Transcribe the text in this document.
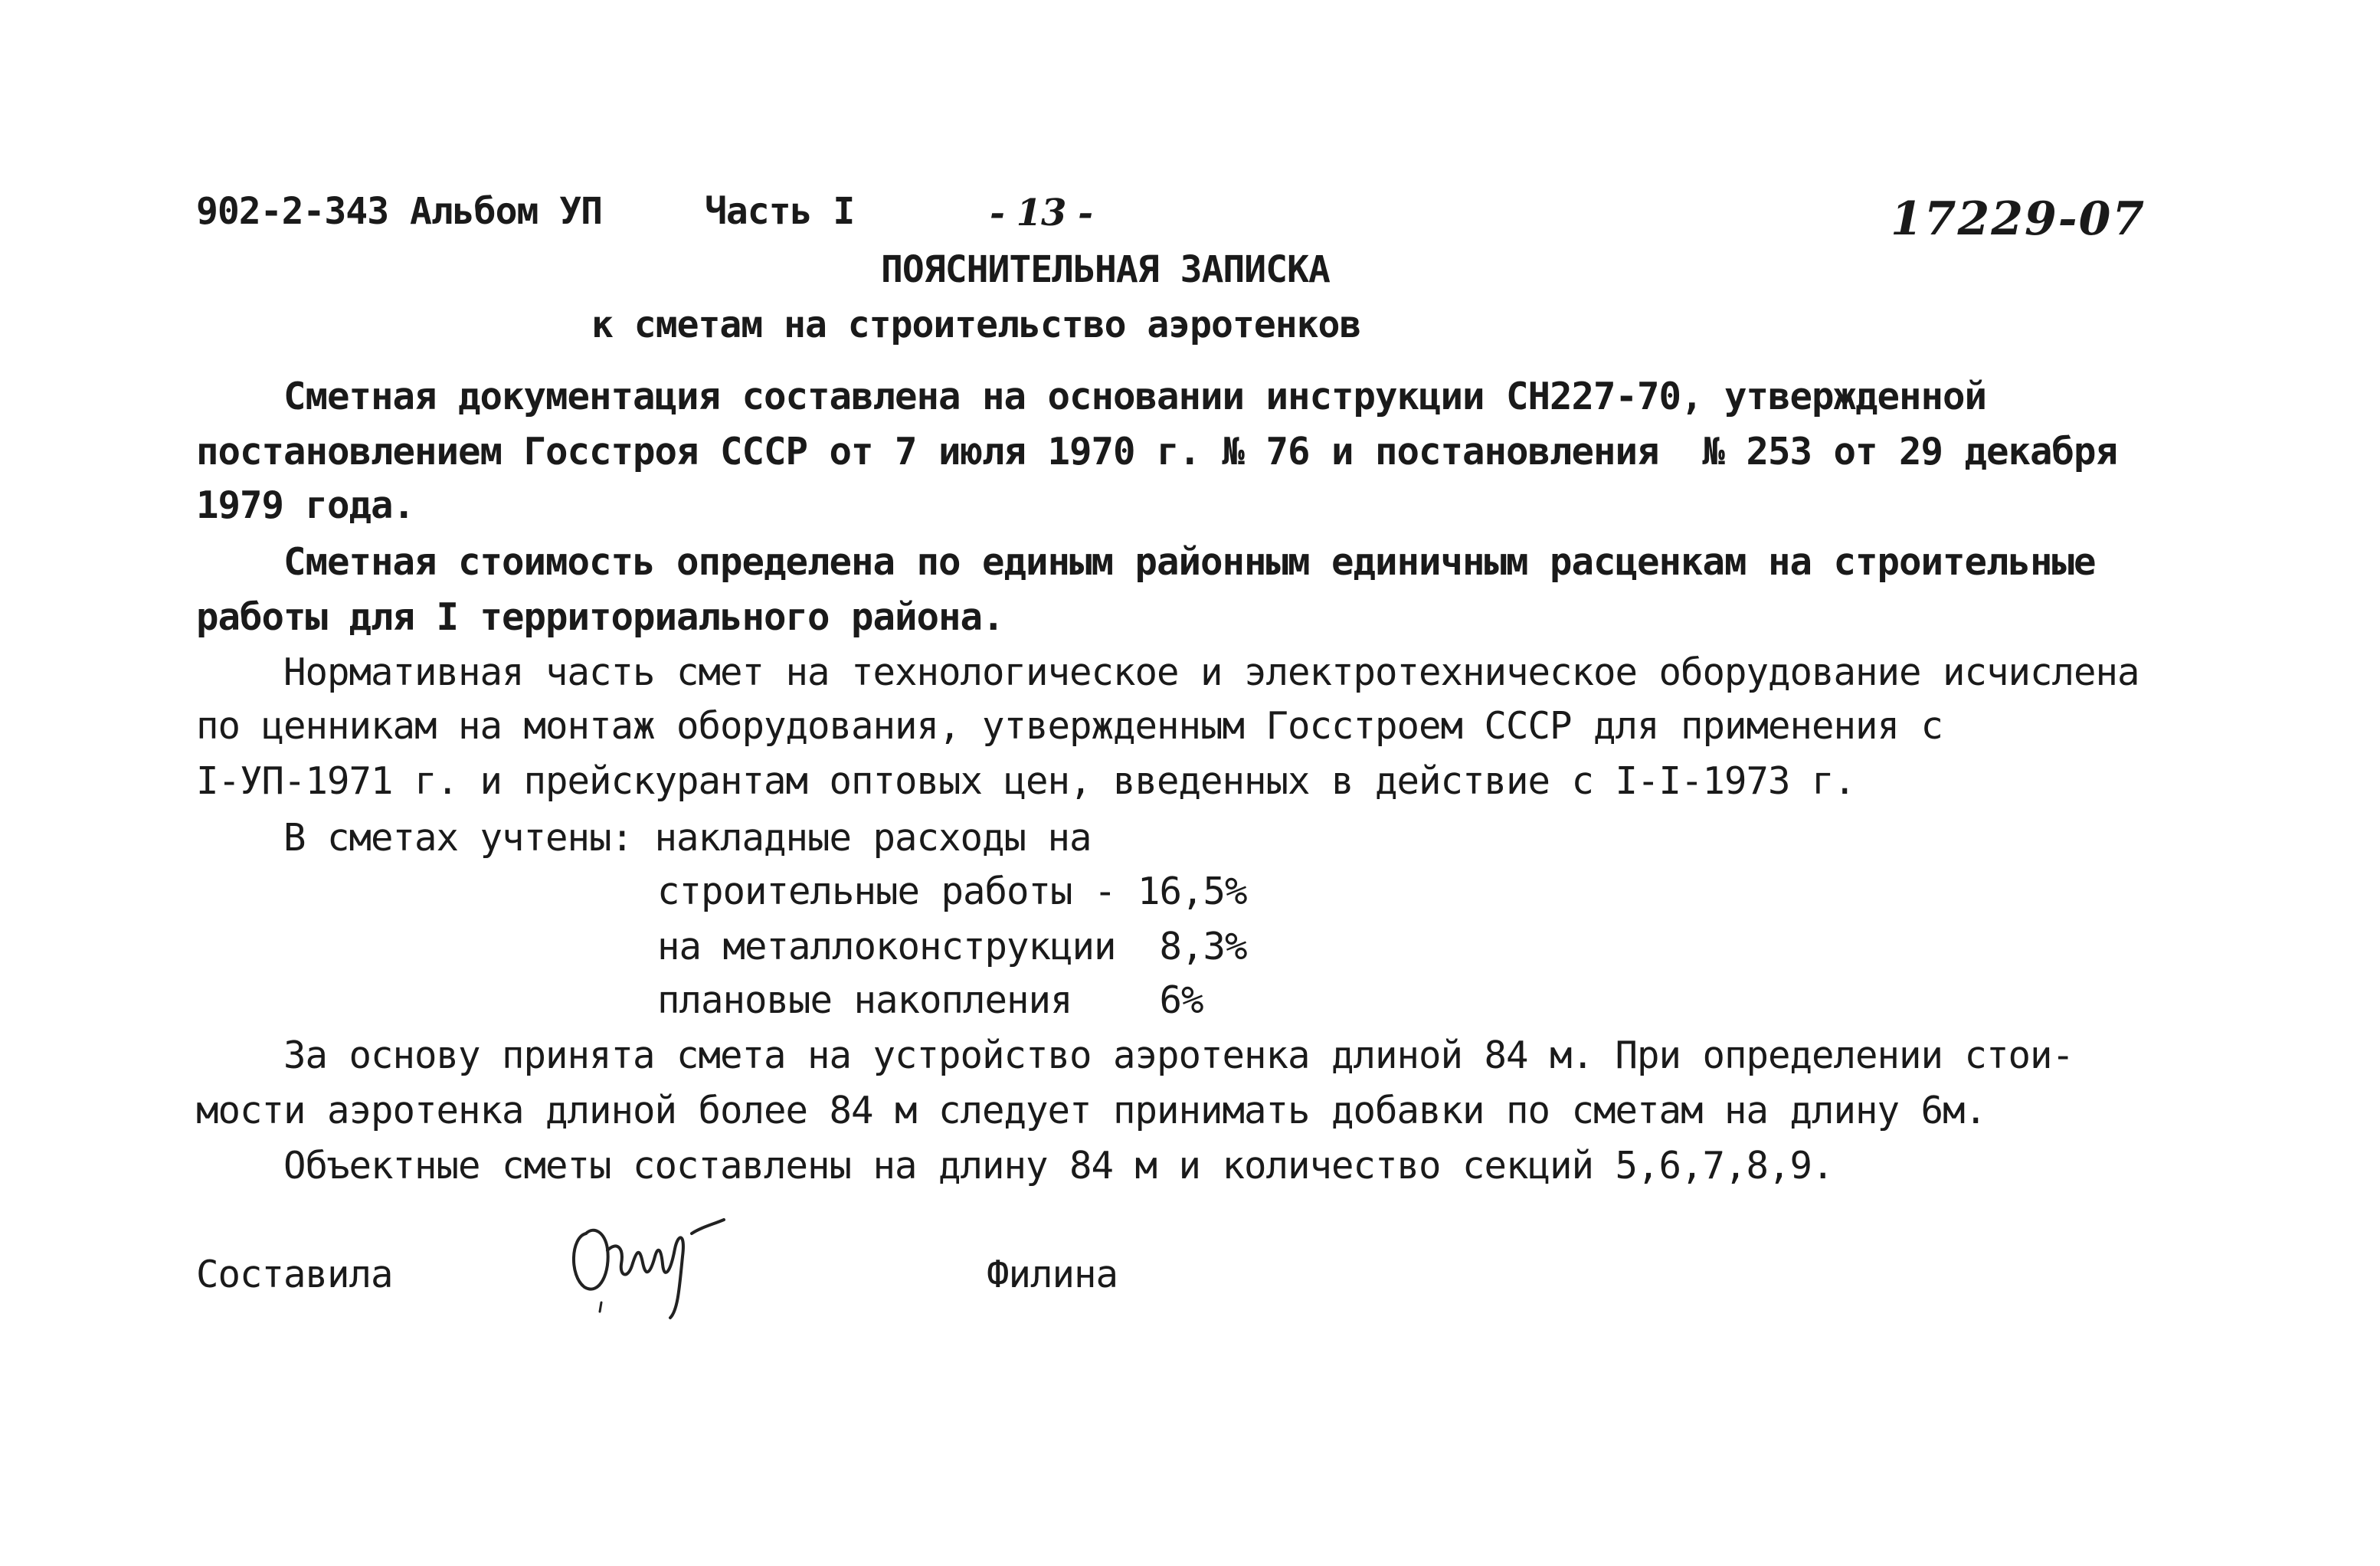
902-2-343 Альбом УП	Часть I	- 13 -	17229-07
ПОЯСНИТЕЛЬНАЯ ЗАПИСКА
к сметам на строительство аэротенков
Сметная документация составлена на основании инструкции СН227-70, утвержденной
постановлением Госстроя СССР от 7 июля 1970 г. № 76 и постановления  № 253 от 29 декабря
1979 года.
Сметная стоимость определена по единым районным единичным расценкам на строительные
работы для I территориального района.
Нормативная часть смет на технологическое и электротехническое оборудование исчислена
по ценникам на монтаж оборудования, утвержденным Госстроем СССР для применения с
I-УП-1971 г. и прейскурантам оптовых цен, введенных в действие с I-I-1973 г.
В сметах учтены: накладные расходы на
строительные работы - 16,5%
на металлоконструкции  8,3%
плановые накопления    6%
За основу принята смета на устройство аэротенка длиной 84 м. При определении стои-
мости аэротенка длиной более 84 м следует принимать добавки по сметам на длину 6м.
Объектные сметы составлены на длину 84 м и количество секций 5,6,7,8,9.
Составила	Филина
